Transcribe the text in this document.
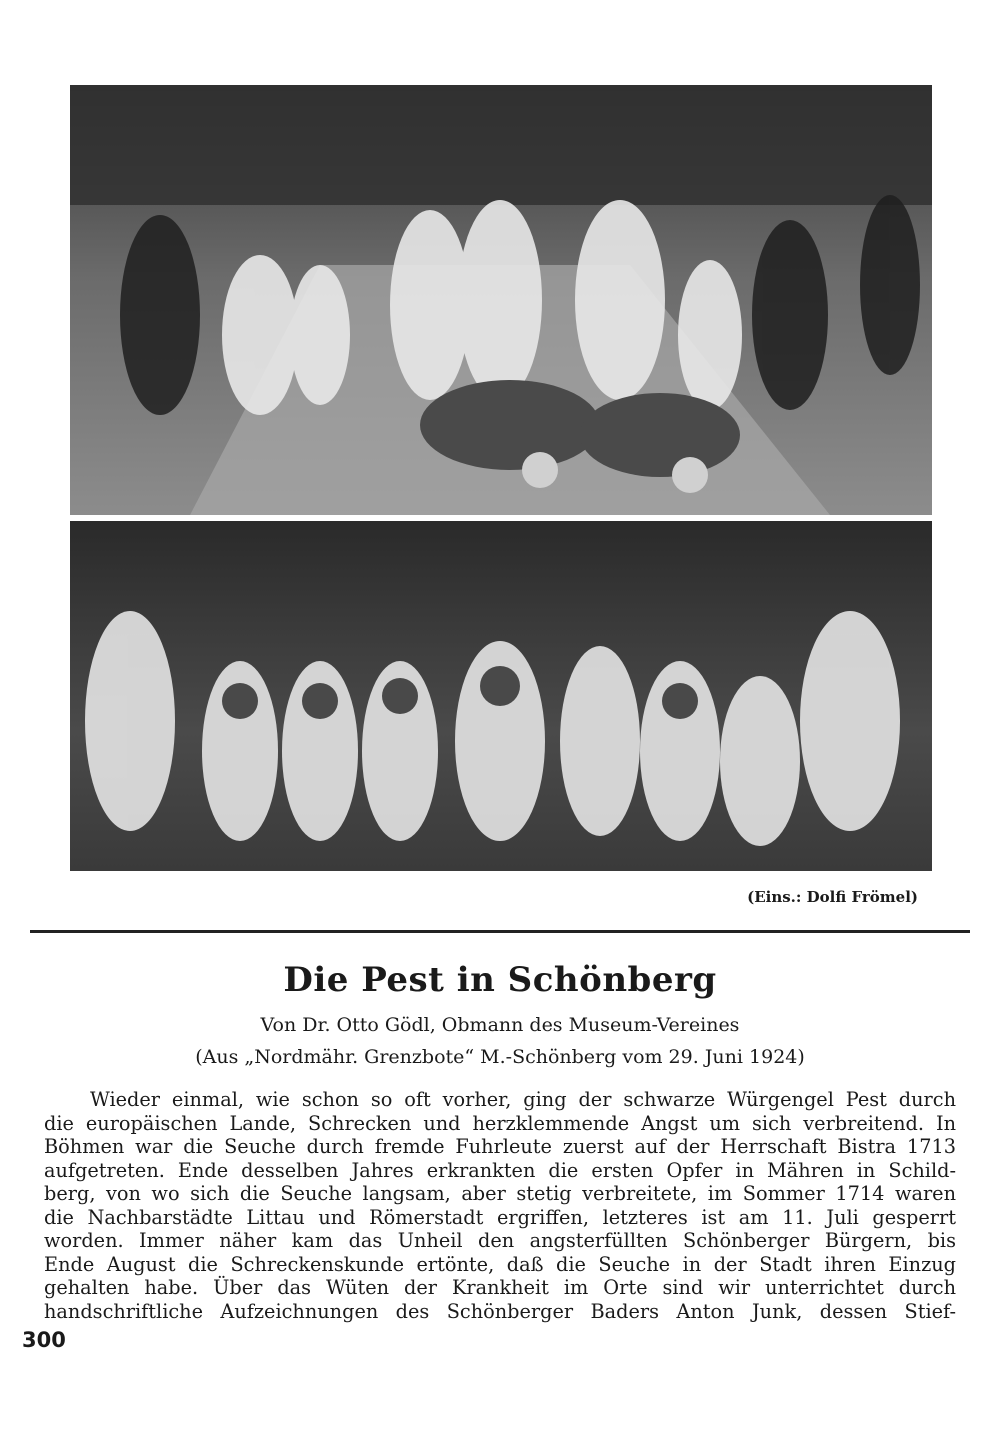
(Eins.: Dolfi Frömel)
Die Pest in Schönberg
Von Dr. Otto Gödl, Obmann des Museum-Vereines
(Aus „Nordmähr. Grenzbote“ M.-Schönberg vom 29. Juni 1924)
Wieder einmal, wie schon so oft vorher, ging der schwarze Würgengel Pest durch
die europäischen Lande, Schrecken und herzklemmende Angst um sich verbreitend. In
Böhmen war die Seuche durch fremde Fuhrleute zuerst auf der Herrschaft Bistra 1713
aufgetreten. Ende desselben Jahres erkrankten die ersten Opfer in Mähren in Schild-
berg, von wo sich die Seuche langsam, aber stetig verbreitete, im Sommer 1714 waren
die Nachbarstädte Littau und Römerstadt ergriffen, letzteres ist am 11. Juli gesperrt
worden. Immer näher kam das Unheil den angsterfüllten Schönberger Bürgern, bis
Ende August die Schreckenskunde ertönte, daß die Seuche in der Stadt ihren Einzug
gehalten habe. Über das Wüten der Krankheit im Orte sind wir unterrichtet durch
handschriftliche Aufzeichnungen des Schönberger Baders Anton Junk, dessen Stief-
300
